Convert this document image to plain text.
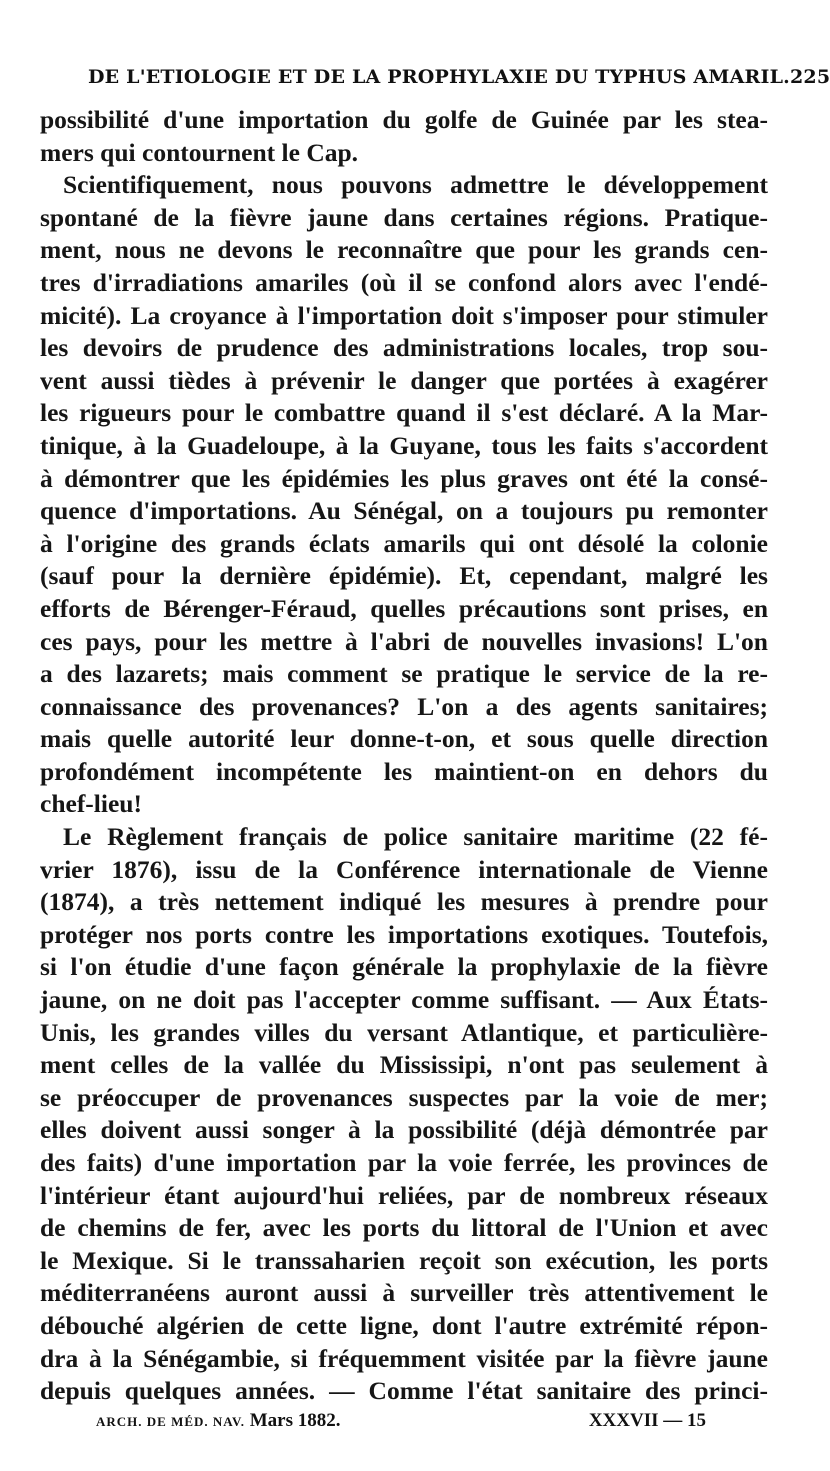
DE L'ETIOLOGIE ET DE LA PROPHYLAXIE DU TYPHUS AMARIL. 225
possibilité d'une importation du golfe de Guinée par les stea-
mers qui contournent le Cap.
Scientifiquement, nous pouvons admettre le développement
spontané de la fièvre jaune dans certaines régions. Pratique-
ment, nous ne devons le reconnaître que pour les grands cen-
tres d'irradiations amariles (où il se confond alors avec l'endé-
micité). La croyance à l'importation doit s'imposer pour stimuler
les devoirs de prudence des administrations locales, trop sou-
vent aussi tièdes à prévenir le danger que portées à exagérer
les rigueurs pour le combattre quand il s'est déclaré. A la Mar-
tinique, à la Guadeloupe, à la Guyane, tous les faits s'accordent
à démontrer que les épidémies les plus graves ont été la consé-
quence d'importations. Au Sénégal, on a toujours pu remonter
à l'origine des grands éclats amarils qui ont désolé la colonie
(sauf pour la dernière épidémie). Et, cependant, malgré les
efforts de Bérenger-Féraud, quelles précautions sont prises, en
ces pays, pour les mettre à l'abri de nouvelles invasions! L'on
a des lazarets; mais comment se pratique le service de la re-
connaissance des provenances? L'on a des agents sanitaires;
mais quelle autorité leur donne-t-on, et sous quelle direction
profondément incompétente les maintient-on en dehors du
chef-lieu!
Le Règlement français de police sanitaire maritime (22 fé-
vrier 1876), issu de la Conférence internationale de Vienne
(1874), a très nettement indiqué les mesures à prendre pour
protéger nos ports contre les importations exotiques. Toutefois,
si l'on étudie d'une façon générale la prophylaxie de la fièvre
jaune, on ne doit pas l'accepter comme suffisant. — Aux États-
Unis, les grandes villes du versant Atlantique, et particulière-
ment celles de la vallée du Mississipi, n'ont pas seulement à
se préoccuper de provenances suspectes par la voie de mer;
elles doivent aussi songer à la possibilité (déjà démontrée par
des faits) d'une importation par la voie ferrée, les provinces de
l'intérieur étant aujourd'hui reliées, par de nombreux réseaux
de chemins de fer, avec les ports du littoral de l'Union et avec
le Mexique. Si le transsaharien reçoit son exécution, les ports
méditerranéens auront aussi à surveiller très attentivement le
débouché algérien de cette ligne, dont l'autre extrémité répon-
dra à la Sénégambie, si fréquemment visitée par la fièvre jaune
depuis quelques années. — Comme l'état sanitaire des princi-
ARCH. DE MÉD. NAV. Mars 1882.	XXXVII — 15
